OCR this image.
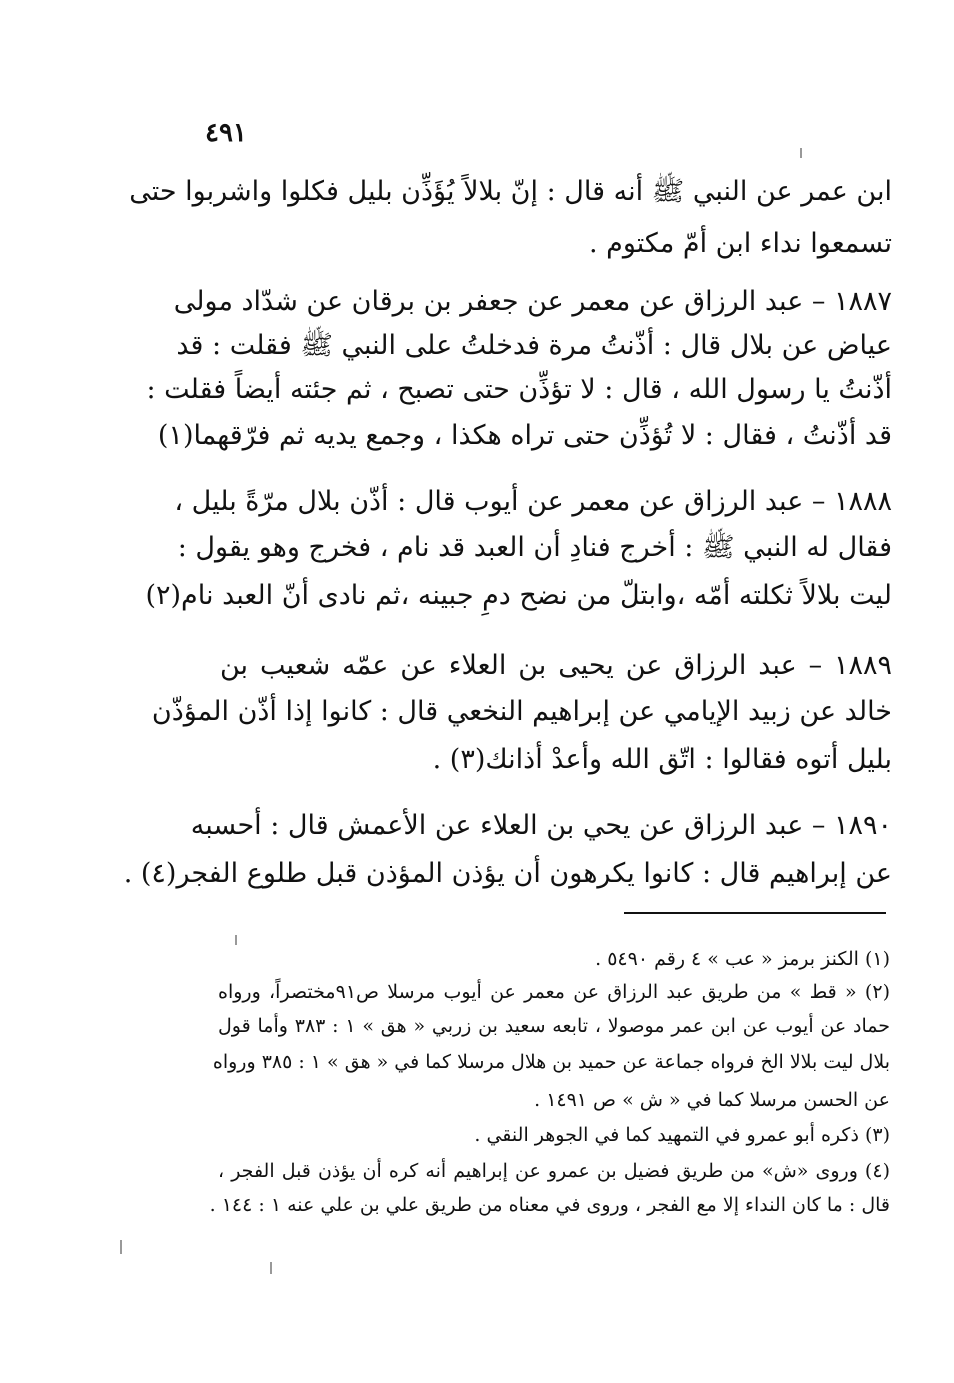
٤٩١
ابن عمر عن النبي ﷺ أنه قال : إنّ بلالاً يُؤَذِّن بليل فكلوا واشربوا حتى
تسمعوا نداء ابن أمّ مكتوم .
١٨٨٧ – عبد الرزاق عن معمر عن جعفر بن برقان عن شدّاد مولى
عياض عن بلال قال : أذّنتُ مرة فدخلتُ على النبي ﷺ فقلت : قد
أذّنتُ يا رسول الله ، قال : لا تؤذِّن حتى تصبح ، ثم جئته أيضاً فقلت :
قد أذّنتُ ، فقال : لا تُؤذِّن حتى تراه هكذا ، وجمع يديه ثم فرّقهما(١)
١٨٨٨ – عبد الرزاق عن معمر عن أيوب قال : أذّن بلال مرّةً بليل ،
فقال له النبي ﷺ : أخرج فنادِ أن العبد قد نام ، فخرج وهو يقول :
ليت بلالاً ثكلته أمّه ،وابتلّ من نضح دمِ جبينه ،ثم نادى أنّ العبد نام(٢)
١٨٨٩ – عبد الرزاق عن يحيى بن العلاء عن عمّه شعيب بن
خالد عن زبيد الإيامي عن إبراهيم النخعي قال : كانوا إذا أذّن المؤذّن
بليل أتوه فقالوا : اتّق الله وأعدْ أذانك(٣) .
١٨٩٠ – عبد الرزاق عن يحي بن العلاء عن الأعمش قال : أحسبه
عن إبراهيم قال : كانوا يكرهون أن يؤذن المؤذن قبل طلوع الفجر(٤) .
(١) الكنز برمز « عب » ٤ رقم ٥٤٩٠ .
(٢) « قط » من طريق عبد الرزاق عن معمر عن أيوب مرسلا ص٩١مختصراً، ورواه
حماد عن أيوب عن ابن عمر موصولا ، تابعه سعيد بن زربي « هق » ١ : ٣٨٣ وأما قول
بلال ليت بلالا الخ فرواه جماعة عن حميد بن هلال مرسلا كما في « هق » ١ : ٣٨٥ ورواه
عن الحسن مرسلا كما في « ش » ص ١٤٩١ .
(٣) ذكره أبو عمرو في التمهيد كما في الجوهر النقي .
(٤) وروى «ش» من طريق فضيل بن عمرو عن إبراهيم أنه كره أن يؤذن قبل الفجر ،
قال : ما كان النداء إلا مع الفجر ، وروى في معناه من طريق علي بن علي عنه ١ : ١٤٤ .
